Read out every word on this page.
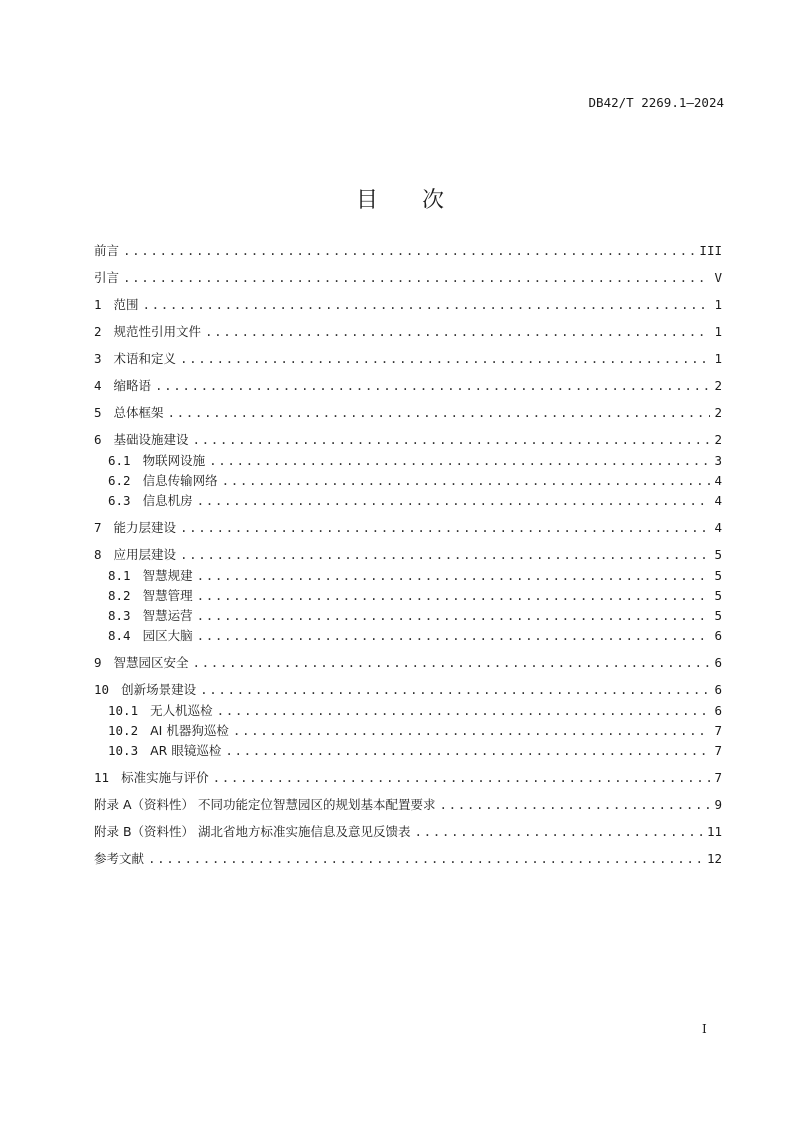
DB42/T 2269.1—2024
目 次
前言 .....	III
引言 .....	V
1 范围 .....	1
2 规范性引用文件 .....	1
3 术语和定义 .....	1
4 缩略语 .....	2
5 总体框架 .....	2
6 基础设施建设 .....	2
6.1 物联网设施 .....	3
6.2 信息传输网络 .....	4
6.3 信息机房 .....	4
7 能力层建设 .....	4
8 应用层建设 .....	5
8.1 智慧规建 .....	5
8.2 智慧管理 .....	5
8.3 智慧运营 .....	5
8.4 园区大脑 .....	6
9 智慧园区安全 .....	6
10 创新场景建设 .....	6
10.1 无人机巡检 .....	6
10.2 AI 机器狗巡检 .....	7
10.3 AR 眼镜巡检 .....	7
11 标准实施与评价 .....	7
附录 A（资料性） 不同功能定位智慧园区的规划基本配置要求 .....	9
附录 B（资料性） 湖北省地方标准实施信息及意见反馈表 .....	11
参考文献 .....	12
I
